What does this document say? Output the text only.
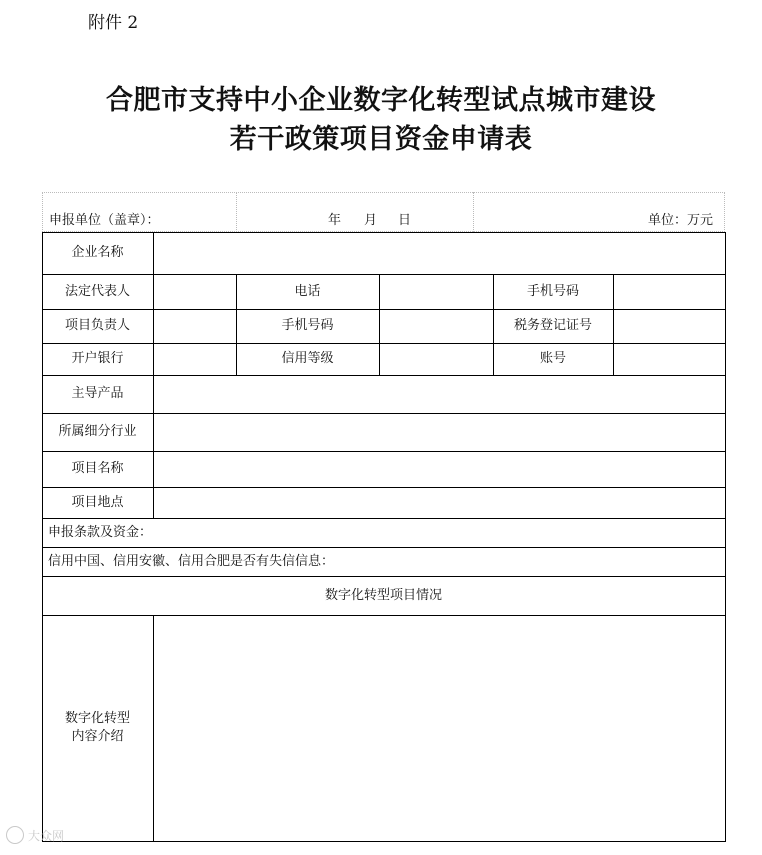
附件 2
合肥市支持中小企业数字化转型试点城市建设
若干政策项目资金申请表
申报单位（盖章）：	年 月 日	单位：万元
企业名称
法定代表人	电话	手机号码
项目负责人	手机号码	税务登记证号
开户银行	信用等级	账号
主导产品
所属细分行业
项目名称
项目地点
申报条款及资金：
信用中国、信用安徽、信用合肥是否有失信信息：
数字化转型项目情况
数字化转型
内容介绍
大众网
